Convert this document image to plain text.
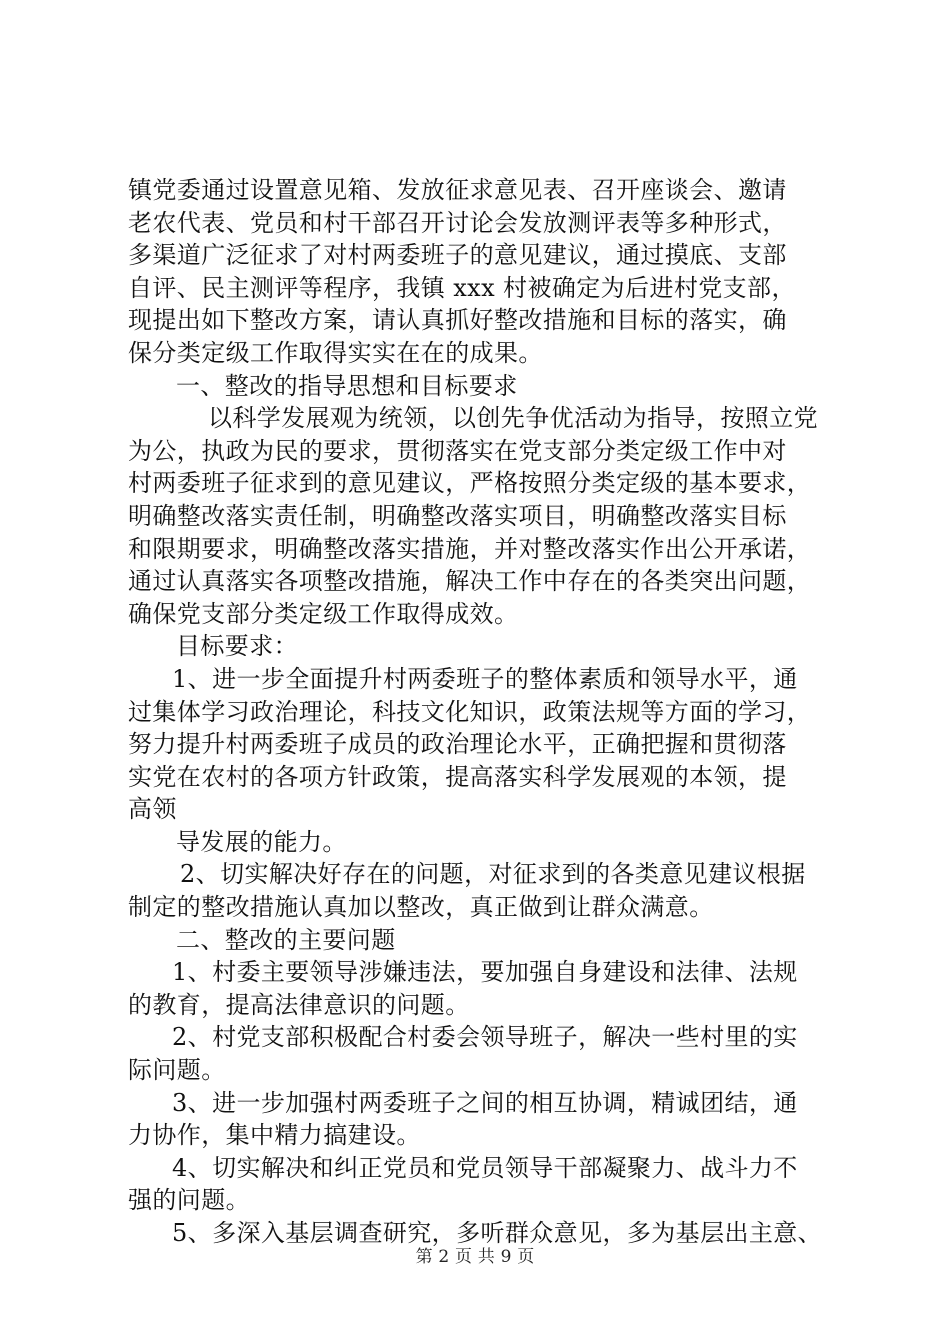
镇党委通过设置意见箱、发放征求意见表、召开座谈会、邀请
老农代表、党员和村干部召开讨论会发放测评表等多种形式，
多渠道广泛征求了对村两委班子的意见建议，通过摸底、支部
自评、民主测评等程序，我镇 xxx 村被确定为后进村党支部，
现提出如下整改方案，请认真抓好整改措施和目标的落实，确
保分类定级工作取得实实在在的成果。
一、整改的指导思想和目标要求
以科学发展观为统领，以创先争优活动为指导，按照立党
为公，执政为民的要求，贯彻落实在党支部分类定级工作中对
村两委班子征求到的意见建议，严格按照分类定级的基本要求，
明确整改落实责任制，明确整改落实项目，明确整改落实目标
和限期要求，明确整改落实措施，并对整改落实作出公开承诺，
通过认真落实各项整改措施，解决工作中存在的各类突出问题，
确保党支部分类定级工作取得成效。
目标要求：
1、进一步全面提升村两委班子的整体素质和领导水平，通
过集体学习政治理论，科技文化知识，政策法规等方面的学习，
努力提升村两委班子成员的政治理论水平，正确把握和贯彻落
实党在农村的各项方针政策，提高落实科学发展观的本领，提
高领
导发展的能力。
2、切实解决好存在的问题，对征求到的各类意见建议根据
制定的整改措施认真加以整改，真正做到让群众满意。
二、整改的主要问题
1、村委主要领导涉嫌违法，要加强自身建设和法律、法规
的教育，提高法律意识的问题。
2、村党支部积极配合村委会领导班子，解决一些村里的实
际问题。
3、进一步加强村两委班子之间的相互协调，精诚团结，通
力协作，集中精力搞建设。
4、切实解决和纠正党员和党员领导干部凝聚力、战斗力不
强的问题。
5、多深入基层调查研究，多听群众意见，多为基层出主意、
第 2 页 共 9 页
